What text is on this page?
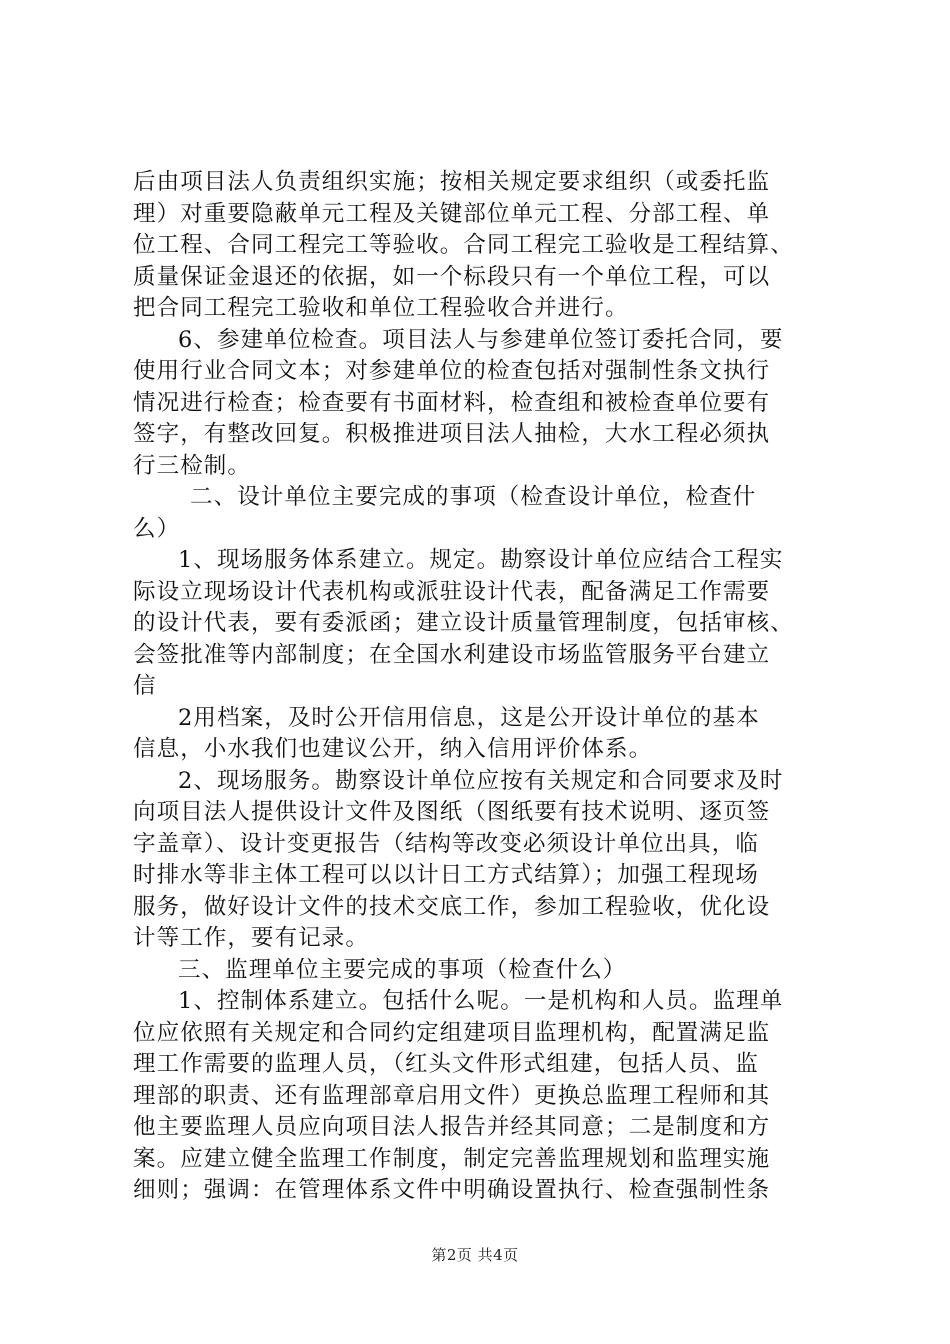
后由项目法人负责组织实施；按相关规定要求组织（或委托监
理）对重要隐蔽单元工程及关键部位单元工程、分部工程、单
位工程、合同工程完工等验收。合同工程完工验收是工程结算、
质量保证金退还的依据，如一个标段只有一个单位工程，可以
把合同工程完工验收和单位工程验收合并进行。
6、参建单位检查。项目法人与参建单位签订委托合同，要
使用行业合同文本；对参建单位的检查包括对强制性条文执行
情况进行检查；检查要有书面材料，检查组和被检查单位要有
签字，有整改回复。积极推进项目法人抽检，大水工程必须执
行三检制。
二、设计单位主要完成的事项（检查设计单位，检查什
么）
1、现场服务体系建立。规定。勘察设计单位应结合工程实
际设立现场设计代表机构或派驻设计代表，配备满足工作需要
的设计代表，要有委派函；建立设计质量管理制度，包括审核、
会签批准等内部制度；在全国水利建设市场监管服务平台建立
信
2用档案，及时公开信用信息，这是公开设计单位的基本
信息，小水我们也建议公开，纳入信用评价体系。
2、现场服务。勘察设计单位应按有关规定和合同要求及时
向项目法人提供设计文件及图纸（图纸要有技术说明、逐页签
字盖章）、设计变更报告（结构等改变必须设计单位出具，临
时排水等非主体工程可以以计日工方式结算）；加强工程现场
服务，做好设计文件的技术交底工作，参加工程验收，优化设
计等工作，要有记录。
三、监理单位主要完成的事项（检查什么）
1、控制体系建立。包括什么呢。一是机构和人员。监理单
位应依照有关规定和合同约定组建项目监理机构，配置满足监
理工作需要的监理人员，（红头文件形式组建，包括人员、监
理部的职责、还有监理部章启用文件）更换总监理工程师和其
他主要监理人员应向项目法人报告并经其同意；二是制度和方
案。应建立健全监理工作制度，制定完善监理规划和监理实施
细则；强调：在管理体系文件中明确设置执行、检查强制性条
第2页 共4页
